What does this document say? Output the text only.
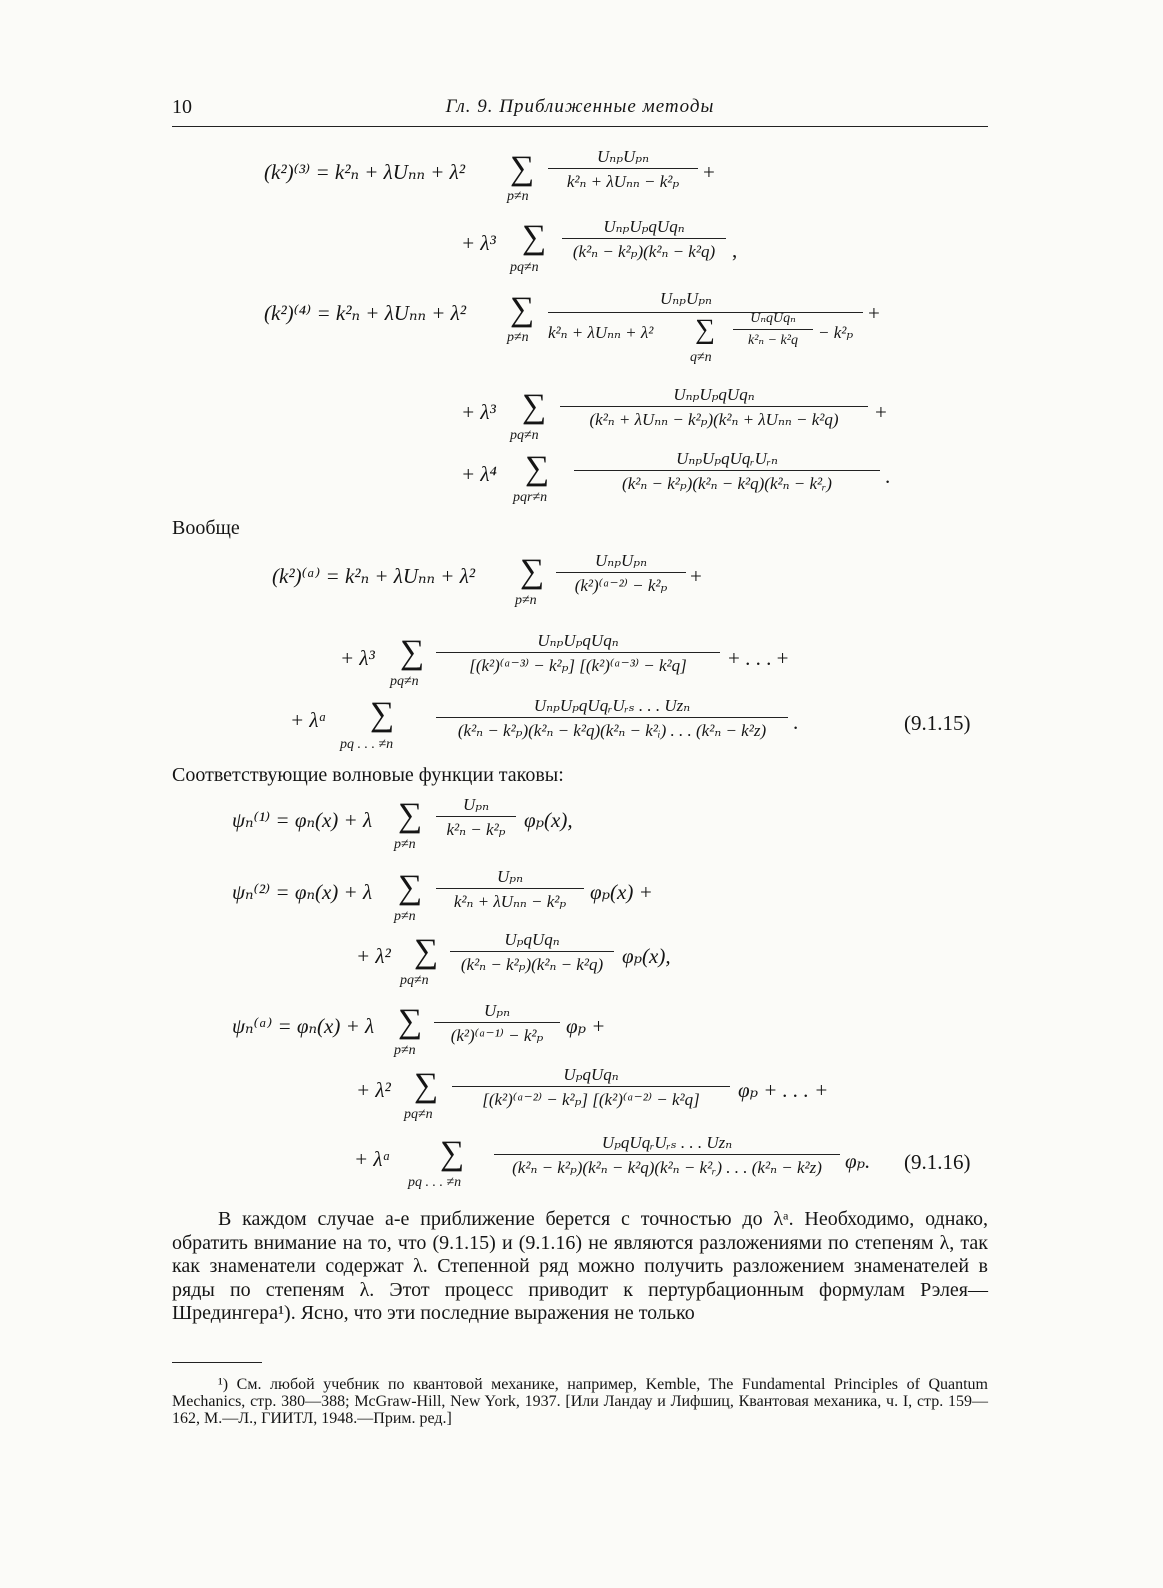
10	Гл. 9. Приближенные методы
(k²)⁽³⁾ = k²ₙ + λUₙₙ + λ² ∑
p≠n
UₙₚUₚₙ
k²ₙ + λUₙₙ − k²ₚ	+
+ λ³ ∑
pq≠n
UₙₚUₚqUqₙ
(k²ₙ − k²ₚ)(k²ₙ − k²q) ,
(k²)⁽⁴⁾ = k²ₙ + λUₙₙ + λ² ∑
p≠n
UₙₚUₚₙ
k²ₙ + λUₙₙ + λ² ∑
q≠n
UₙqUqₙ
k²ₙ − k²q	− k²ₚ
+
+ λ³ ∑
pq≠n
UₙₚUₚqUqₙ
(k²ₙ + λUₙₙ − k²ₚ)(k²ₙ + λUₙₙ − k²q)	+
+ λ⁴ ∑
pqr≠n
UₙₚUₚqUqᵣUᵣₙ
(k²ₙ − k²ₚ)(k²ₙ − k²q)(k²ₙ − k²ᵣ)	.
Вообще
(k²)⁽ᵃ⁾ = k²ₙ + λUₙₙ + λ² ∑
p≠n
UₙₚUₚₙ
(k²)⁽ᵃ⁻²⁾ − k²ₚ	+
+ λ³ ∑
pq≠n
UₙₚUₚqUqₙ
[(k²)⁽ᵃ⁻³⁾ − k²ₚ] [(k²)⁽ᵃ⁻³⁾ − k²q]	+ . . . +
+ λᵃ ∑
pq . . . ≠n
UₙₚUₚqUqᵣUᵣₛ . . . Uzₙ
(k²ₙ − k²ₚ)(k²ₙ − k²q)(k²ₙ − k²ᵢ) . . . (k²ₙ − k²z)	.	(9.1.15)
Соответствующие волновые функции таковы:
ψₙ⁽¹⁾ = φₙ(x) + λ ∑
p≠n
Uₚₙ
k²ₙ − k²ₚ φₚ(x),
ψₙ⁽²⁾ = φₙ(x) + λ ∑
p≠n
Uₚₙ
k²ₙ + λUₙₙ − k²ₚ	φₚ(x) +
+ λ² ∑
pq≠n
UₚqUqₙ
(k²ₙ − k²ₚ)(k²ₙ − k²q) φₚ(x),
ψₙ⁽ᵃ⁾ = φₙ(x) + λ ∑
p≠n
Uₚₙ
(k²)⁽ᵃ⁻¹⁾ − k²ₚ	φₚ +
+ λ² ∑
pq≠n
UₚqUqₙ
[(k²)⁽ᵃ⁻²⁾ − k²ₚ] [(k²)⁽ᵃ⁻²⁾ − k²q]	φₚ + . . . +
+ λᵃ ∑
pq . . . ≠n
UₚqUqᵣUᵣₛ . . . Uzₙ
(k²ₙ − k²ₚ)(k²ₙ − k²q)(k²ₙ − k²ᵣ) . . . (k²ₙ − k²z)	φₚ. (9.1.16)
В каждом случае a-е приближение берется с точностью до λᵃ. Необходимо, однако, обратить внимание на то, что (9.1.15) и (9.1.16) не являются разложениями по степеням λ, так как знаменатели содержат λ. Степенной ряд можно получить разложением знаменателей в ряды по степеням λ. Этот процесс приводит к пертурбационным формулам Рэлея—Шредингера¹). Ясно, что эти последние выражения не только
¹) См. любой учебник по квантовой механике, например, Kemble, The Fundamental Principles of Quantum Mechanics, стр. 380—388; McGraw-Hill, New York, 1937. [Или Ландау и Лифшиц, Квантовая механика, ч. I, стр. 159—162, М.—Л., ГИИТЛ, 1948.—Прим. ред.]
